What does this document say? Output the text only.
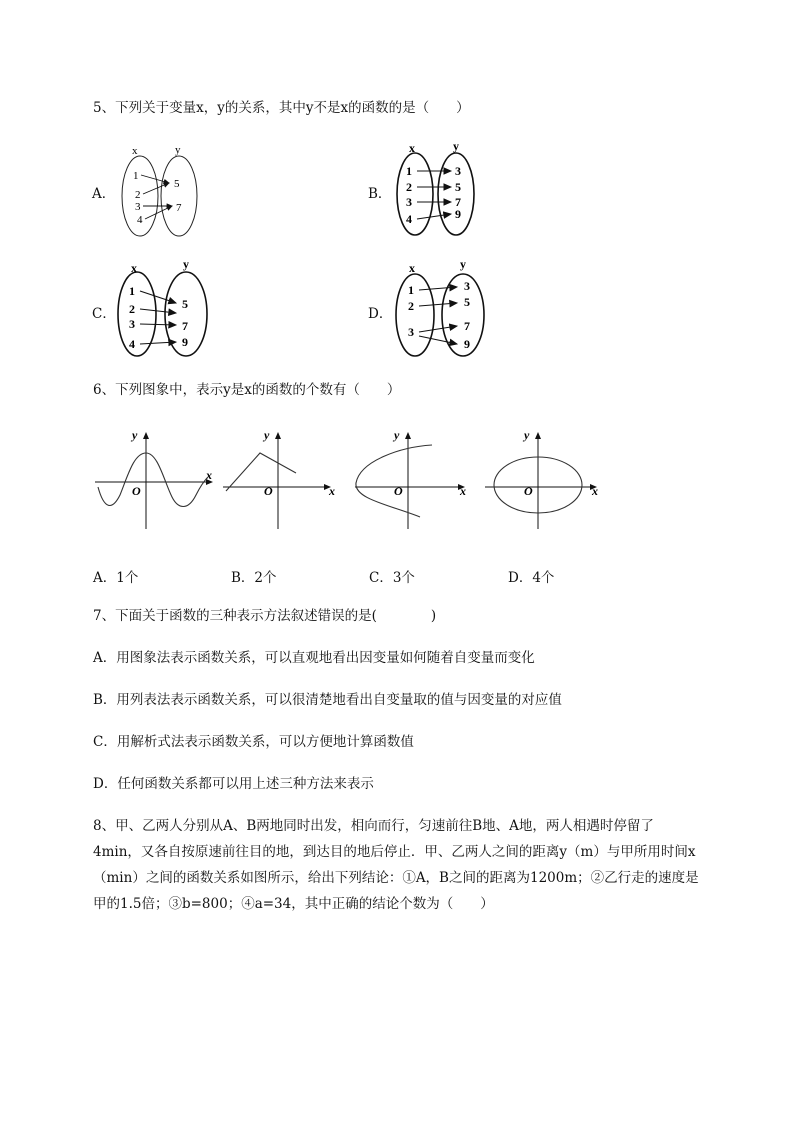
5、下列关于变量x，y的关系，其中y不是x的函数的是（　　）
A．
x	y
1
2
3
4
5
7
B．
x	y
1
2
3
4
3
5
7
9
C．
x	y
1
2
3
4
5
7
9
D．
x	y
1
2
3
3
5
7
9
6、下列图象中，表示y是x的函数的个数有（　　）
y
x
O
y
x
O
y
x
O
y
x
O
A．1个	B．2个	C．3个	D．4个
7、下面关于函数的三种表示方法叙述错误的是(　　　　)
A．用图象法表示函数关系，可以直观地看出因变量如何随着自变量而变化
B．用列表法表示函数关系，可以很清楚地看出自变量取的值与因变量的对应值
C．用解析式法表示函数关系，可以方便地计算函数值
D．任何函数关系都可以用上述三种方法来表示
8、甲、乙两人分别从A、B两地同时出发，相向而行，匀速前往B地、A地，两人相遇时停留了
4min，又各自按原速前往目的地，到达目的地后停止．甲、乙两人之间的距离y（m）与甲所用时间x
（min）之间的函数关系如图所示，给出下列结论：①A，B之间的距离为1200m；②乙行走的速度是
甲的1.5倍；③b=800；④a=34，其中正确的结论个数为（　　）
